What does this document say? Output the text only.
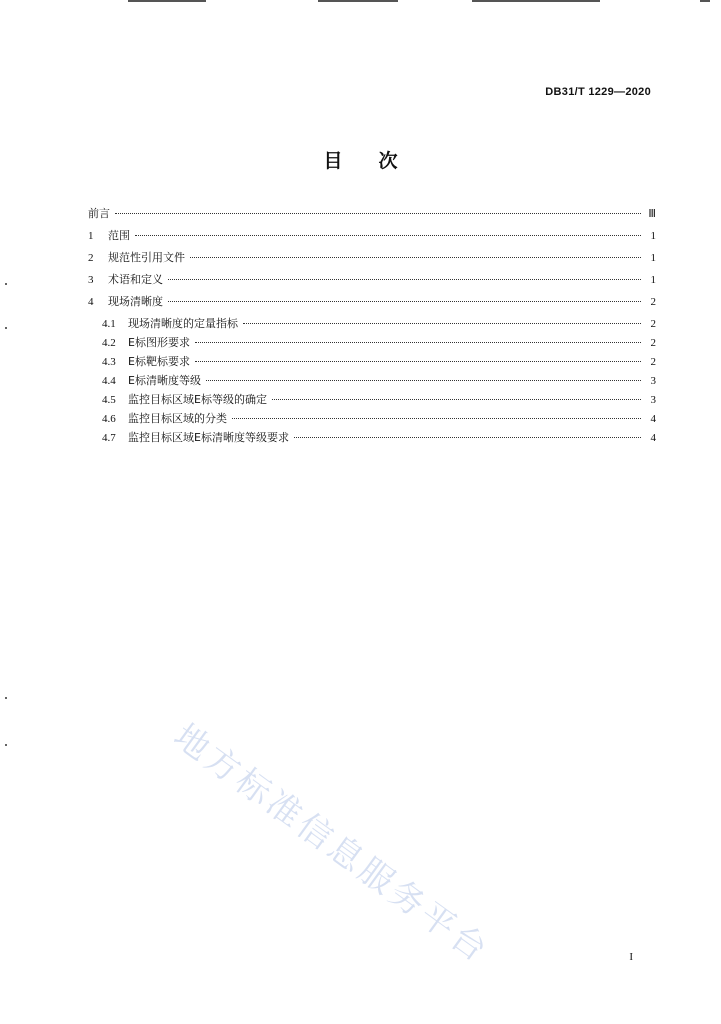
DB31/T 1229—2020
目 次
前言	Ⅲ
1	范围	1
2	规范性引用文件	1
3	术语和定义	1
4	现场清晰度	2
4.1	现场清晰度的定量指标	2
4.2	E标图形要求	2
4.3	E标靶标要求	2
4.4	E标清晰度等级	3
4.5	监控目标区域E标等级的确定	3
4.6	监控目标区域的分类	4
4.7	监控目标区域E标清晰度等级要求	4
地方标准信息服务平台	I
